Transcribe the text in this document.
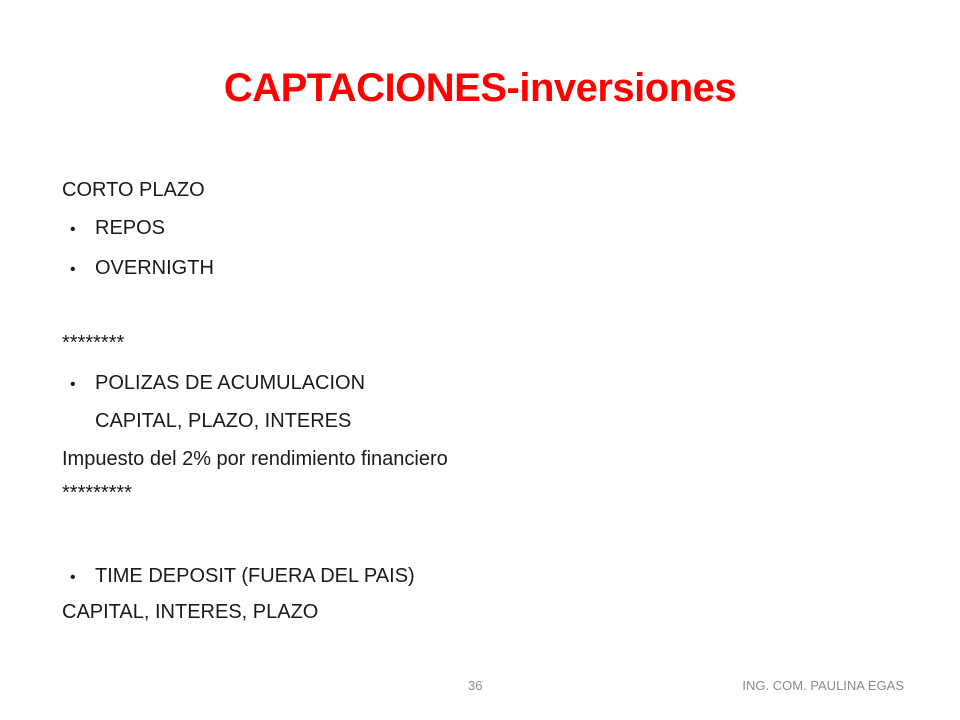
CAPTACIONES-inversiones
CORTO PLAZO
• REPOS
• OVERNIGTH
********
• POLIZAS DE ACUMULACION
CAPITAL, PLAZO, INTERES
Impuesto del 2% por rendimiento financiero
*********
• TIME DEPOSIT (FUERA DEL PAIS)
CAPITAL, INTERES, PLAZO
36	ING. COM. PAULINA EGAS
